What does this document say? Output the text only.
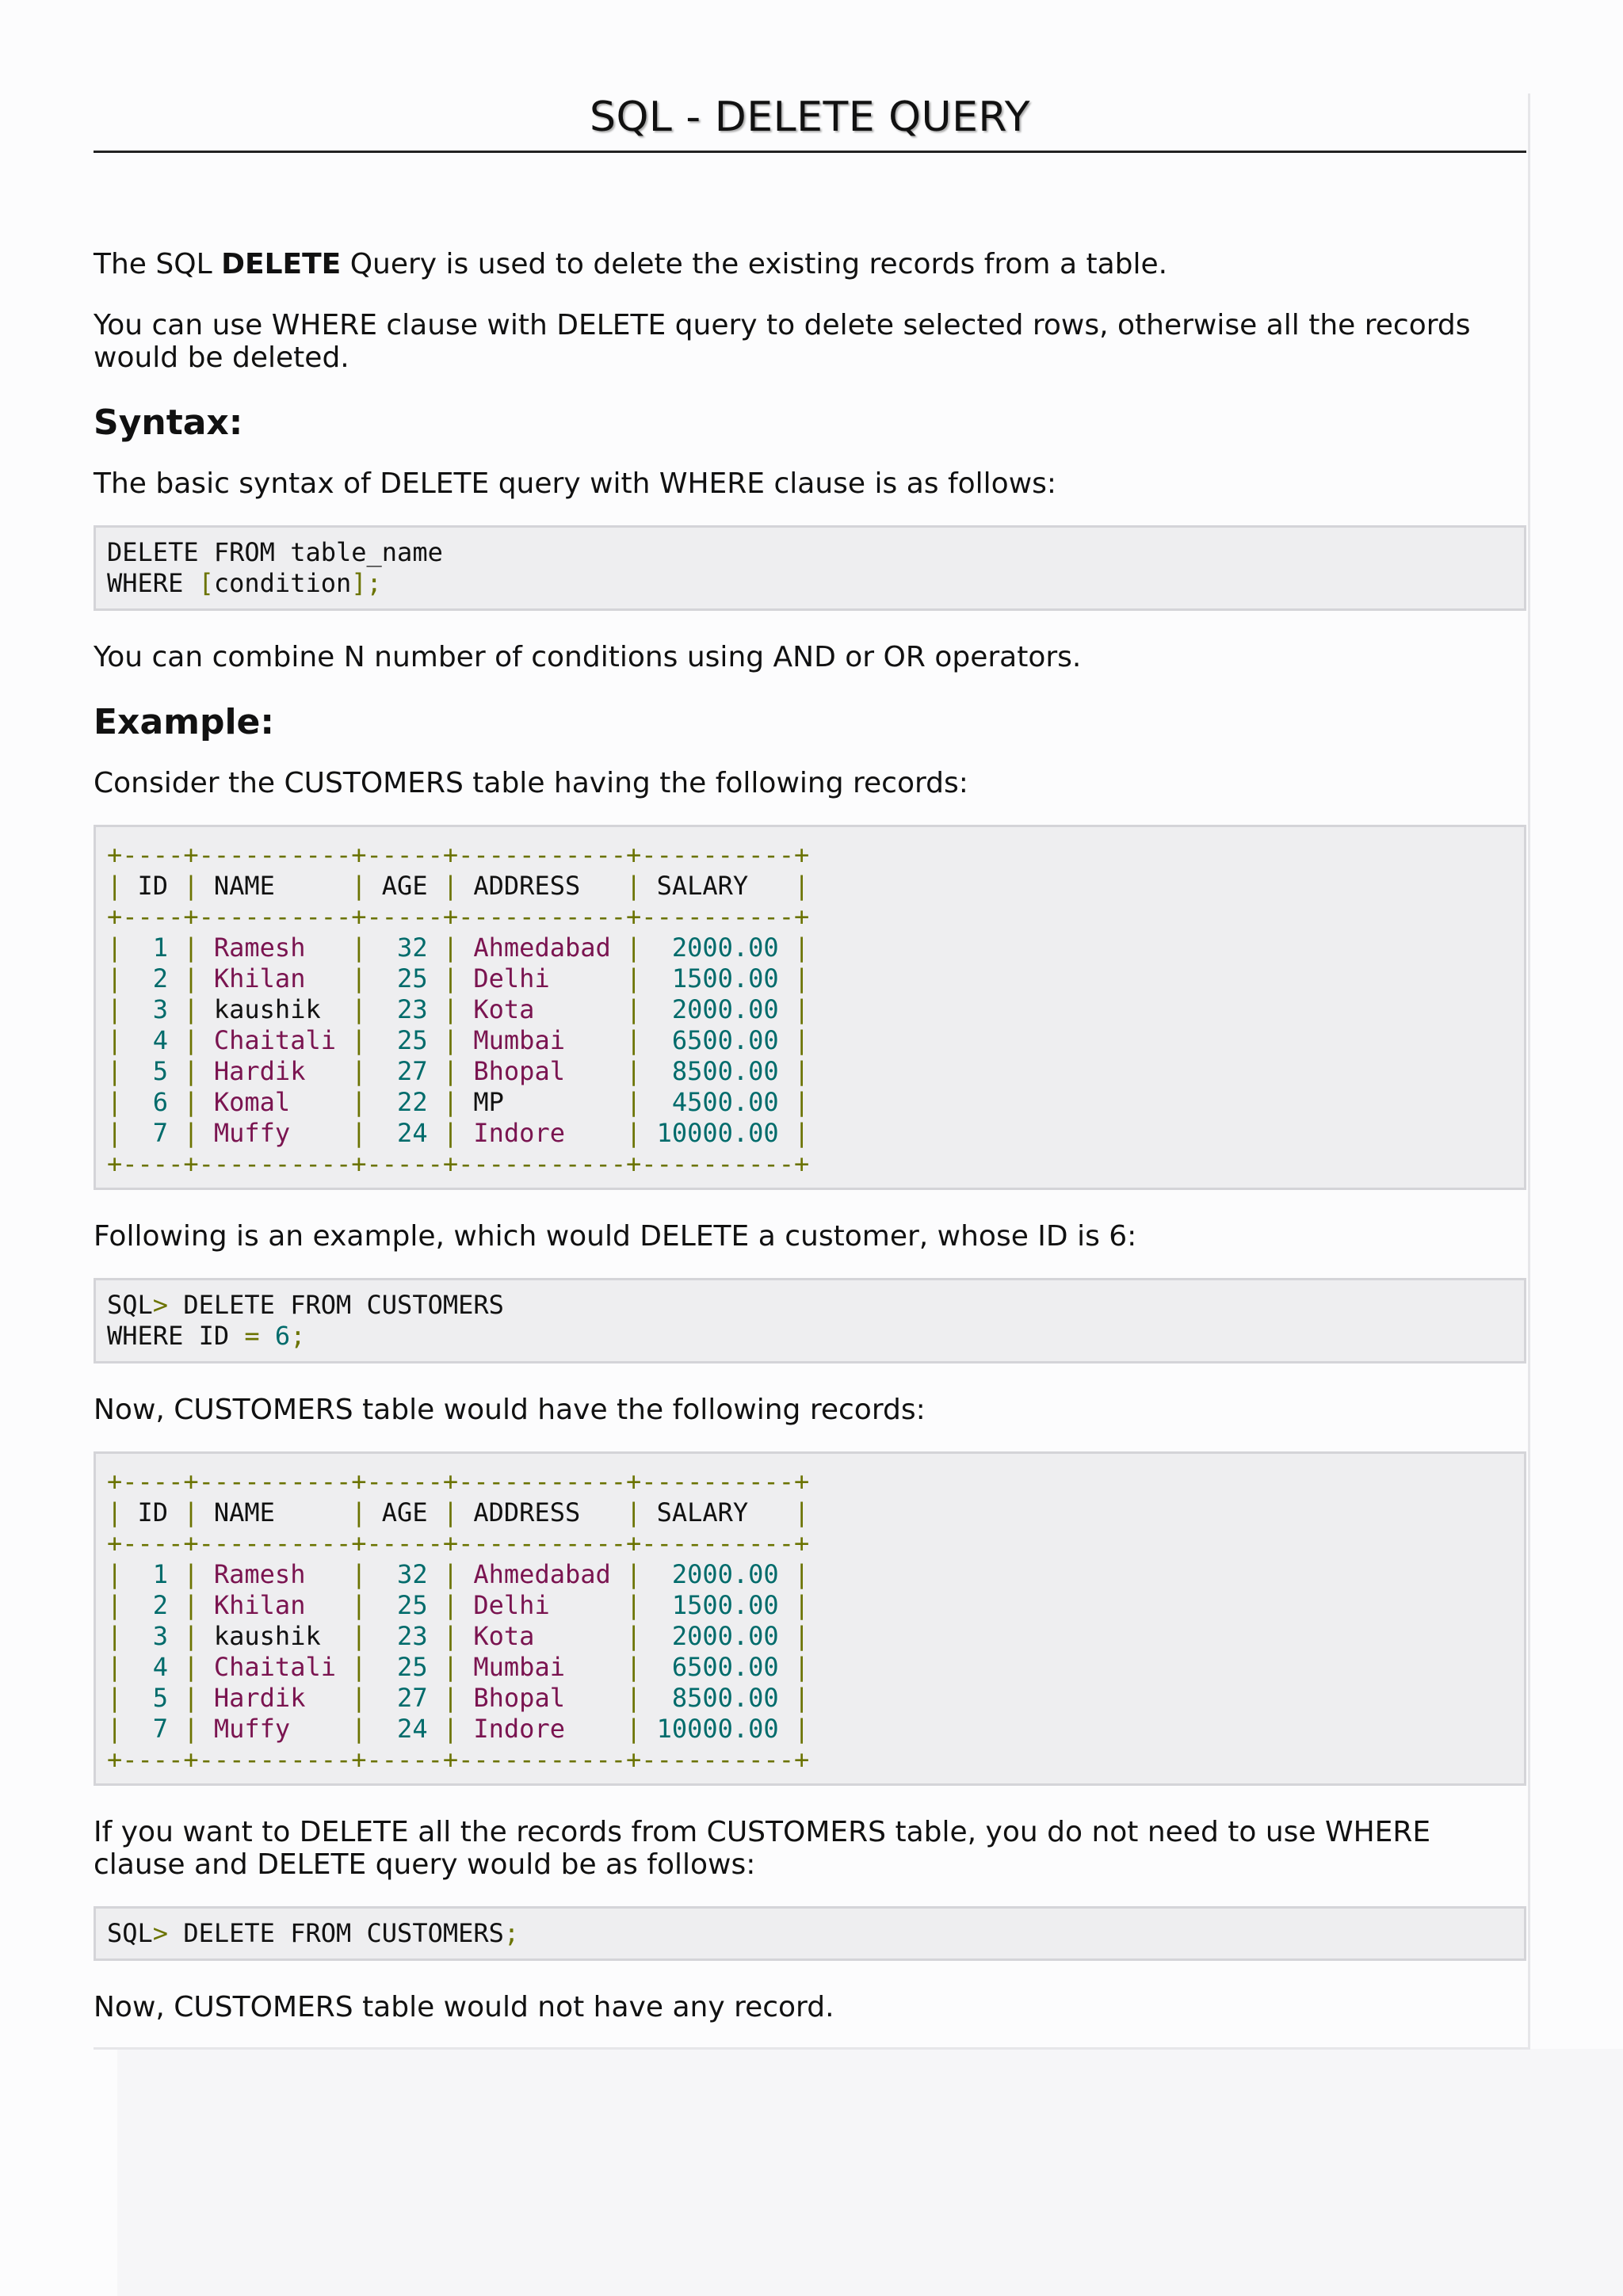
SQL - DELETE QUERY

The SQL DELETE Query is used to delete the existing records from a table.

You can use WHERE clause with DELETE query to delete selected rows, otherwise all the records would be deleted.

Syntax:

The basic syntax of DELETE query with WHERE clause is as follows:

DELETE FROM table_name
WHERE [condition];

You can combine N number of conditions using AND or OR operators.

Example:

Consider the CUSTOMERS table having the following records:

+----+----------+-----+-----------+----------+
| ID | NAME     | AGE | ADDRESS   | SALARY   |
+----+----------+-----+-----------+----------+
|  1 | Ramesh   |  32 | Ahmedabad |  2000.00 |
|  2 | Khilan   |  25 | Delhi     |  1500.00 |
|  3 | kaushik  |  23 | Kota      |  2000.00 |
|  4 | Chaitali |  25 | Mumbai    |  6500.00 |
|  5 | Hardik   |  27 | Bhopal    |  8500.00 |
|  6 | Komal    |  22 | MP        |  4500.00 |
|  7 | Muffy    |  24 | Indore    | 10000.00 |
+----+----------+-----+-----------+----------+

Following is an example, which would DELETE a customer, whose ID is 6:

SQL> DELETE FROM CUSTOMERS
WHERE ID = 6;

Now, CUSTOMERS table would have the following records:

+----+----------+-----+-----------+----------+
| ID | NAME     | AGE | ADDRESS   | SALARY   |
+----+----------+-----+-----------+----------+
|  1 | Ramesh   |  32 | Ahmedabad |  2000.00 |
|  2 | Khilan   |  25 | Delhi     |  1500.00 |
|  3 | kaushik  |  23 | Kota      |  2000.00 |
|  4 | Chaitali |  25 | Mumbai    |  6500.00 |
|  5 | Hardik   |  27 | Bhopal    |  8500.00 |
|  7 | Muffy    |  24 | Indore    | 10000.00 |
+----+----------+-----+-----------+----------+

If you want to DELETE all the records from CUSTOMERS table, you do not need to use WHERE clause and DELETE query would be as follows:

SQL> DELETE FROM CUSTOMERS;

Now, CUSTOMERS table would not have any record.
